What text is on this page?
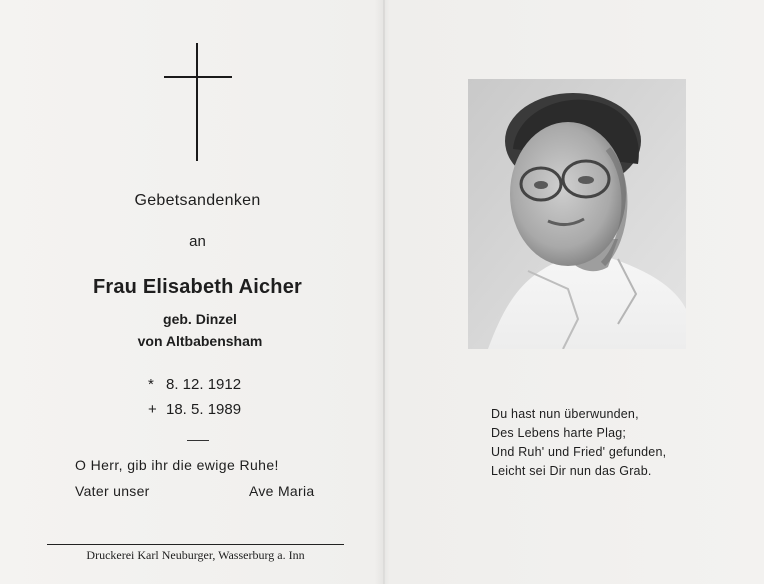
Gebetsandenken
an
Frau Elisabeth Aicher
geb. Dinzel
von Altbabensham
* 8. 12. 1912
+ 18. 5. 1989
O Herr, gib ihr die ewige Ruhe!
Vater unser	Ave Maria
Druckerei Karl Neuburger, Wasserburg a. Inn
Du hast nun überwunden,
Des Lebens harte Plag;
Und Ruh' und Fried' gefunden,
Leicht sei Dir nun das Grab.
